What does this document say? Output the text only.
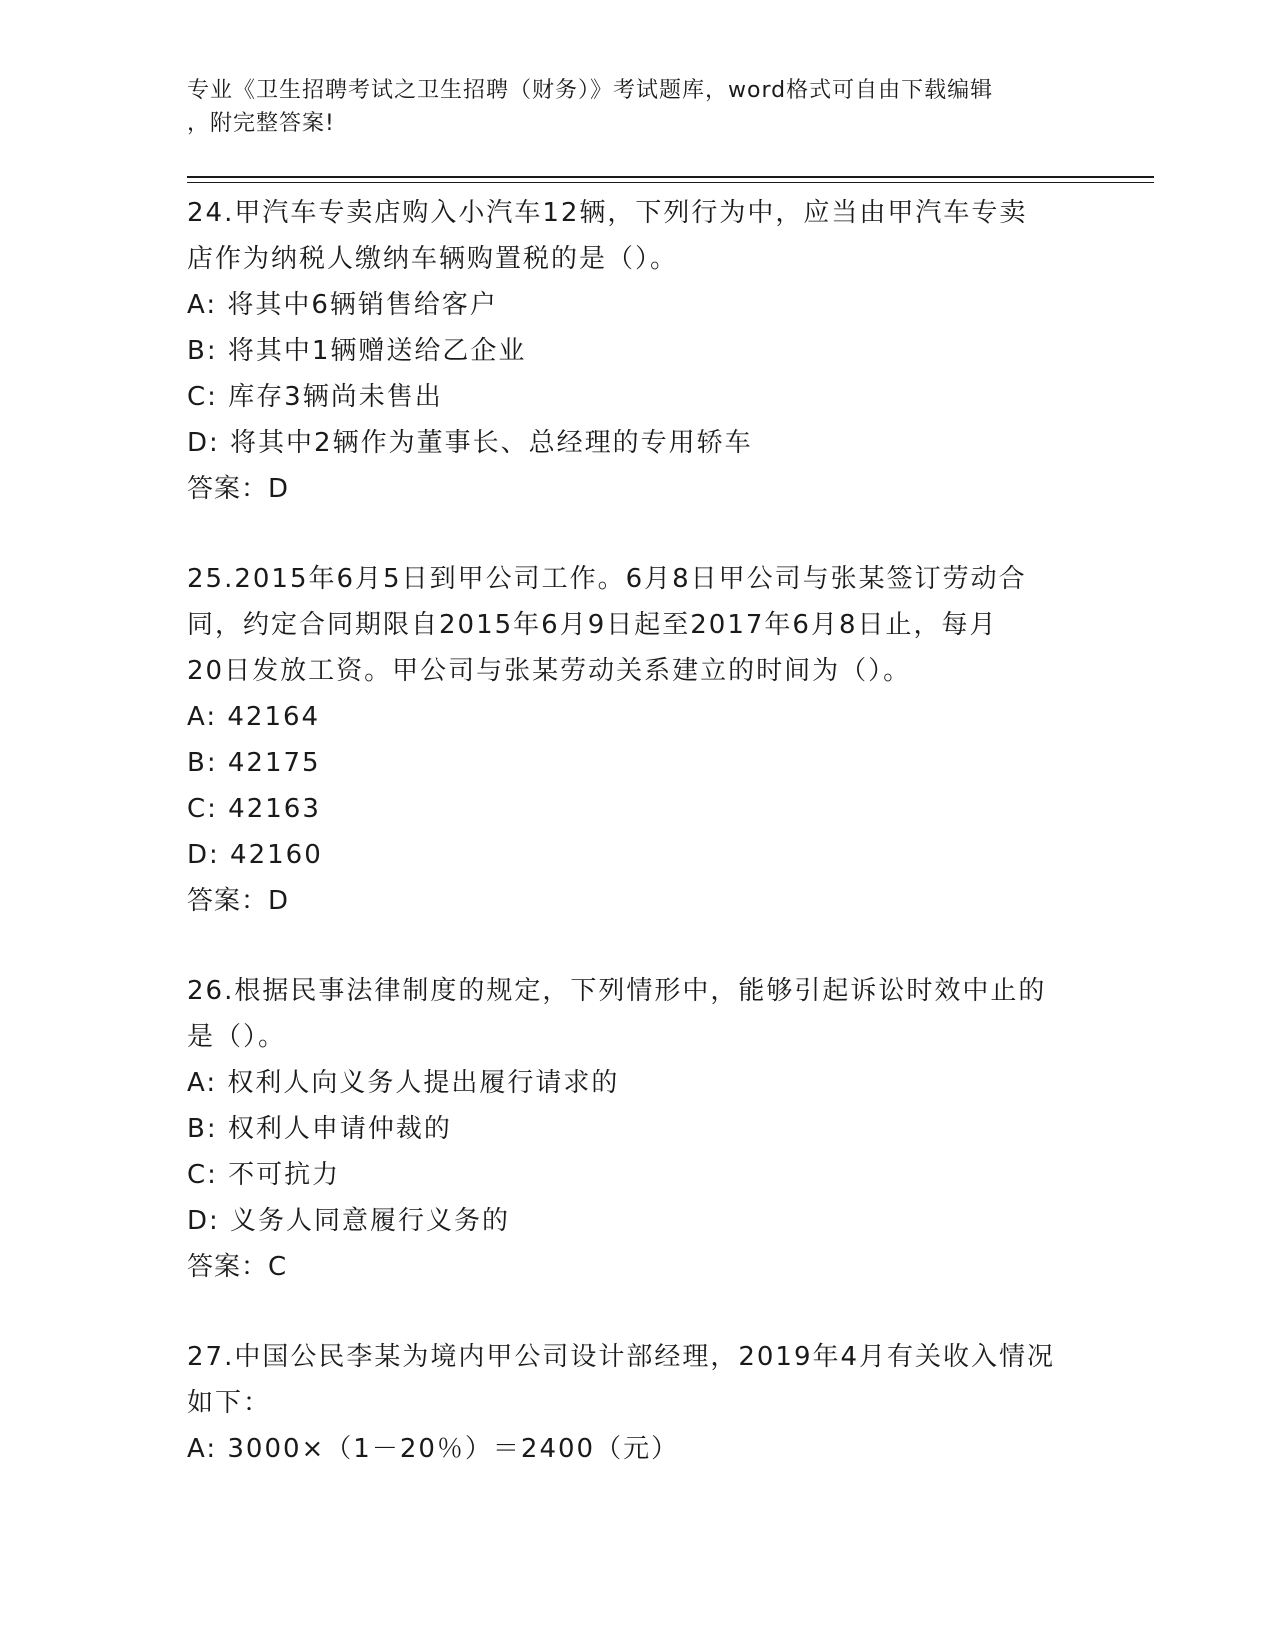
专业《卫生招聘考试之卫生招聘（财务）》考试题库，word格式可自由下载编辑
，附完整答案!
24.甲汽车专卖店购入小汽车12辆，下列行为中，应当由甲汽车专卖
店作为纳税人缴纳车辆购置税的是（）。
A: 将其中6辆销售给客户
B: 将其中1辆赠送给乙企业
C: 库存3辆尚未售出
D: 将其中2辆作为董事长、总经理的专用轿车
答案：D
25.2015年6月5日到甲公司工作。6月8日甲公司与张某签订劳动合
同，约定合同期限自2015年6月9日起至2017年6月8日止，每月
20日发放工资。甲公司与张某劳动关系建立的时间为（）。
A: 42164
B: 42175
C: 42163
D: 42160
答案：D
26.根据民事法律制度的规定，下列情形中，能够引起诉讼时效中止的
是（）。
A: 权利人向义务人提出履行请求的
B: 权利人申请仲裁的
C: 不可抗力
D: 义务人同意履行义务的
答案：C
27.中国公民李某为境内甲公司设计部经理，2019年4月有关收入情况
如下：
A: 3000×（1－20％）＝2400（元）
